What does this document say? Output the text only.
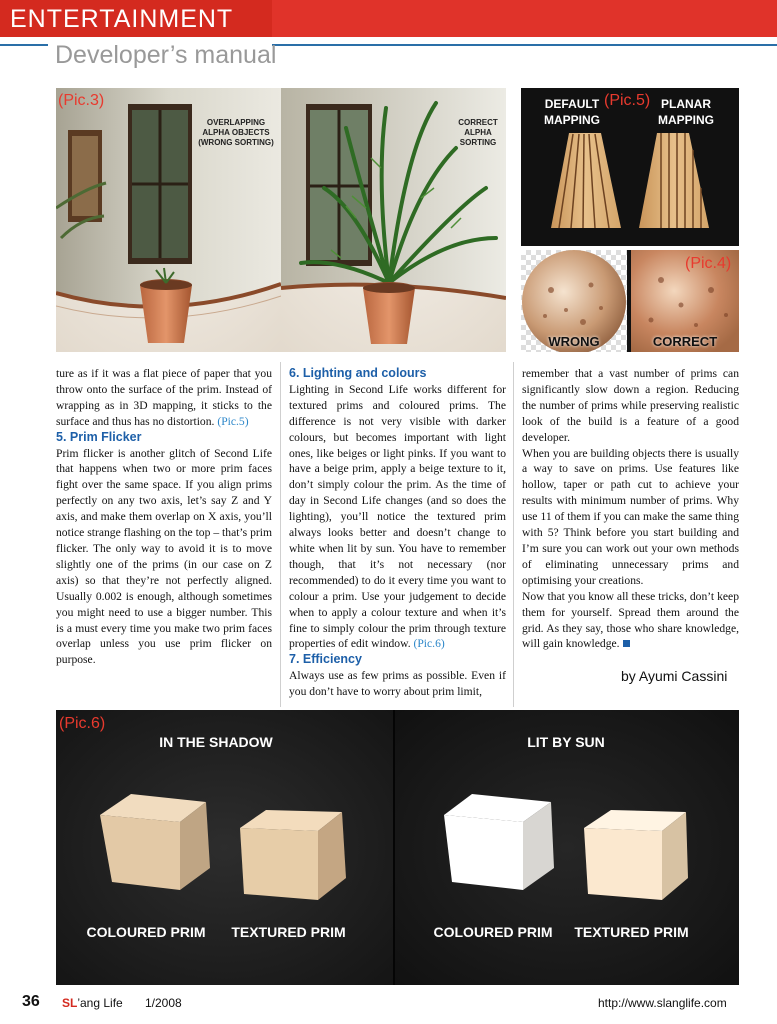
ENTERTAINMENT
Developer’s manual
OVERLAPPING ALPHA OBJECTS (WRONG SORTING)
CORRECT ALPHA SORTING
(Pic.3)	DEFAULT MAPPING
PLANAR MAPPING
(Pic.5)
WRONG	CORRECT
(Pic.4)

ture as if it was a flat piece of paper that you throw onto the surface of the prim. Instead of wrapping as in 3D mapping, it sticks to the surface and thus has no distortion. (Pic.5)

5. Prim Flicker

Prim flicker is another glitch of Second Life that happens when two or more prim faces fight over the same space. If you align prims perfectly on any two axis, let’s say Z and Y axis, and make them overlap on X axis, you’ll notice strange flashing on the top – that’s prim flicker. The only way to avoid it is to move slightly one of the prims (in our case on Z axis) so that they’re not perfectly aligned. Usually 0.002 is enough, although sometimes you might need to use a bigger number. This is a must every time you make two prim faces overlap unless you use prim flicker on purpose.

6. Lighting and colours

Lighting in Second Life works different for textured prims and coloured prims. The difference is not very visible with darker colours, but becomes important with light ones, like beiges or light pinks. If you want to have a beige prim, apply a beige texture to it, don’t simply colour the prim. As the time of day in Second Life changes (and so does the lighting), you’ll notice the textured prim always looks better and doesn’t change to white when lit by sun. You have to remember though, that it’s not necessary (nor recommended) to do it every time you want to colour a prim. Use your judgement to decide when to apply a colour texture and when it’s fine to simply colour the prim through texture properties of edit window. (Pic.6)

7. Efficiency

Always use as few prims as possible. Even if you don’t have to worry about prim limit,

remember that a vast number of prims can significantly slow down a region. Reducing the number of prims while preserving realistic look of the build is a feature of a good developer.

When you are building objects there is usually a way to save on prims. Use features like hollow, taper or path cut to achieve your results with minimum number of prims. Why use 11 of them if you can make the same thing with 5? Think before you start building and I’m sure you can work out your own methods of eliminating unnecessary prims and optimising your creations.

Now that you know all these tricks, don’t keep them for yourself. Spread them around the grid. As they say, those who share knowledge, will gain knowledge.

by Ayumi Cassini
IN THE SHADOW	LIT BY SUN
COLOURED PRIM	TEXTURED PRIM	COLOURED PRIM	TEXTURED PRIM
(Pic.6)
36 SL’ang Life 1/2008	http://www.slanglife.com
